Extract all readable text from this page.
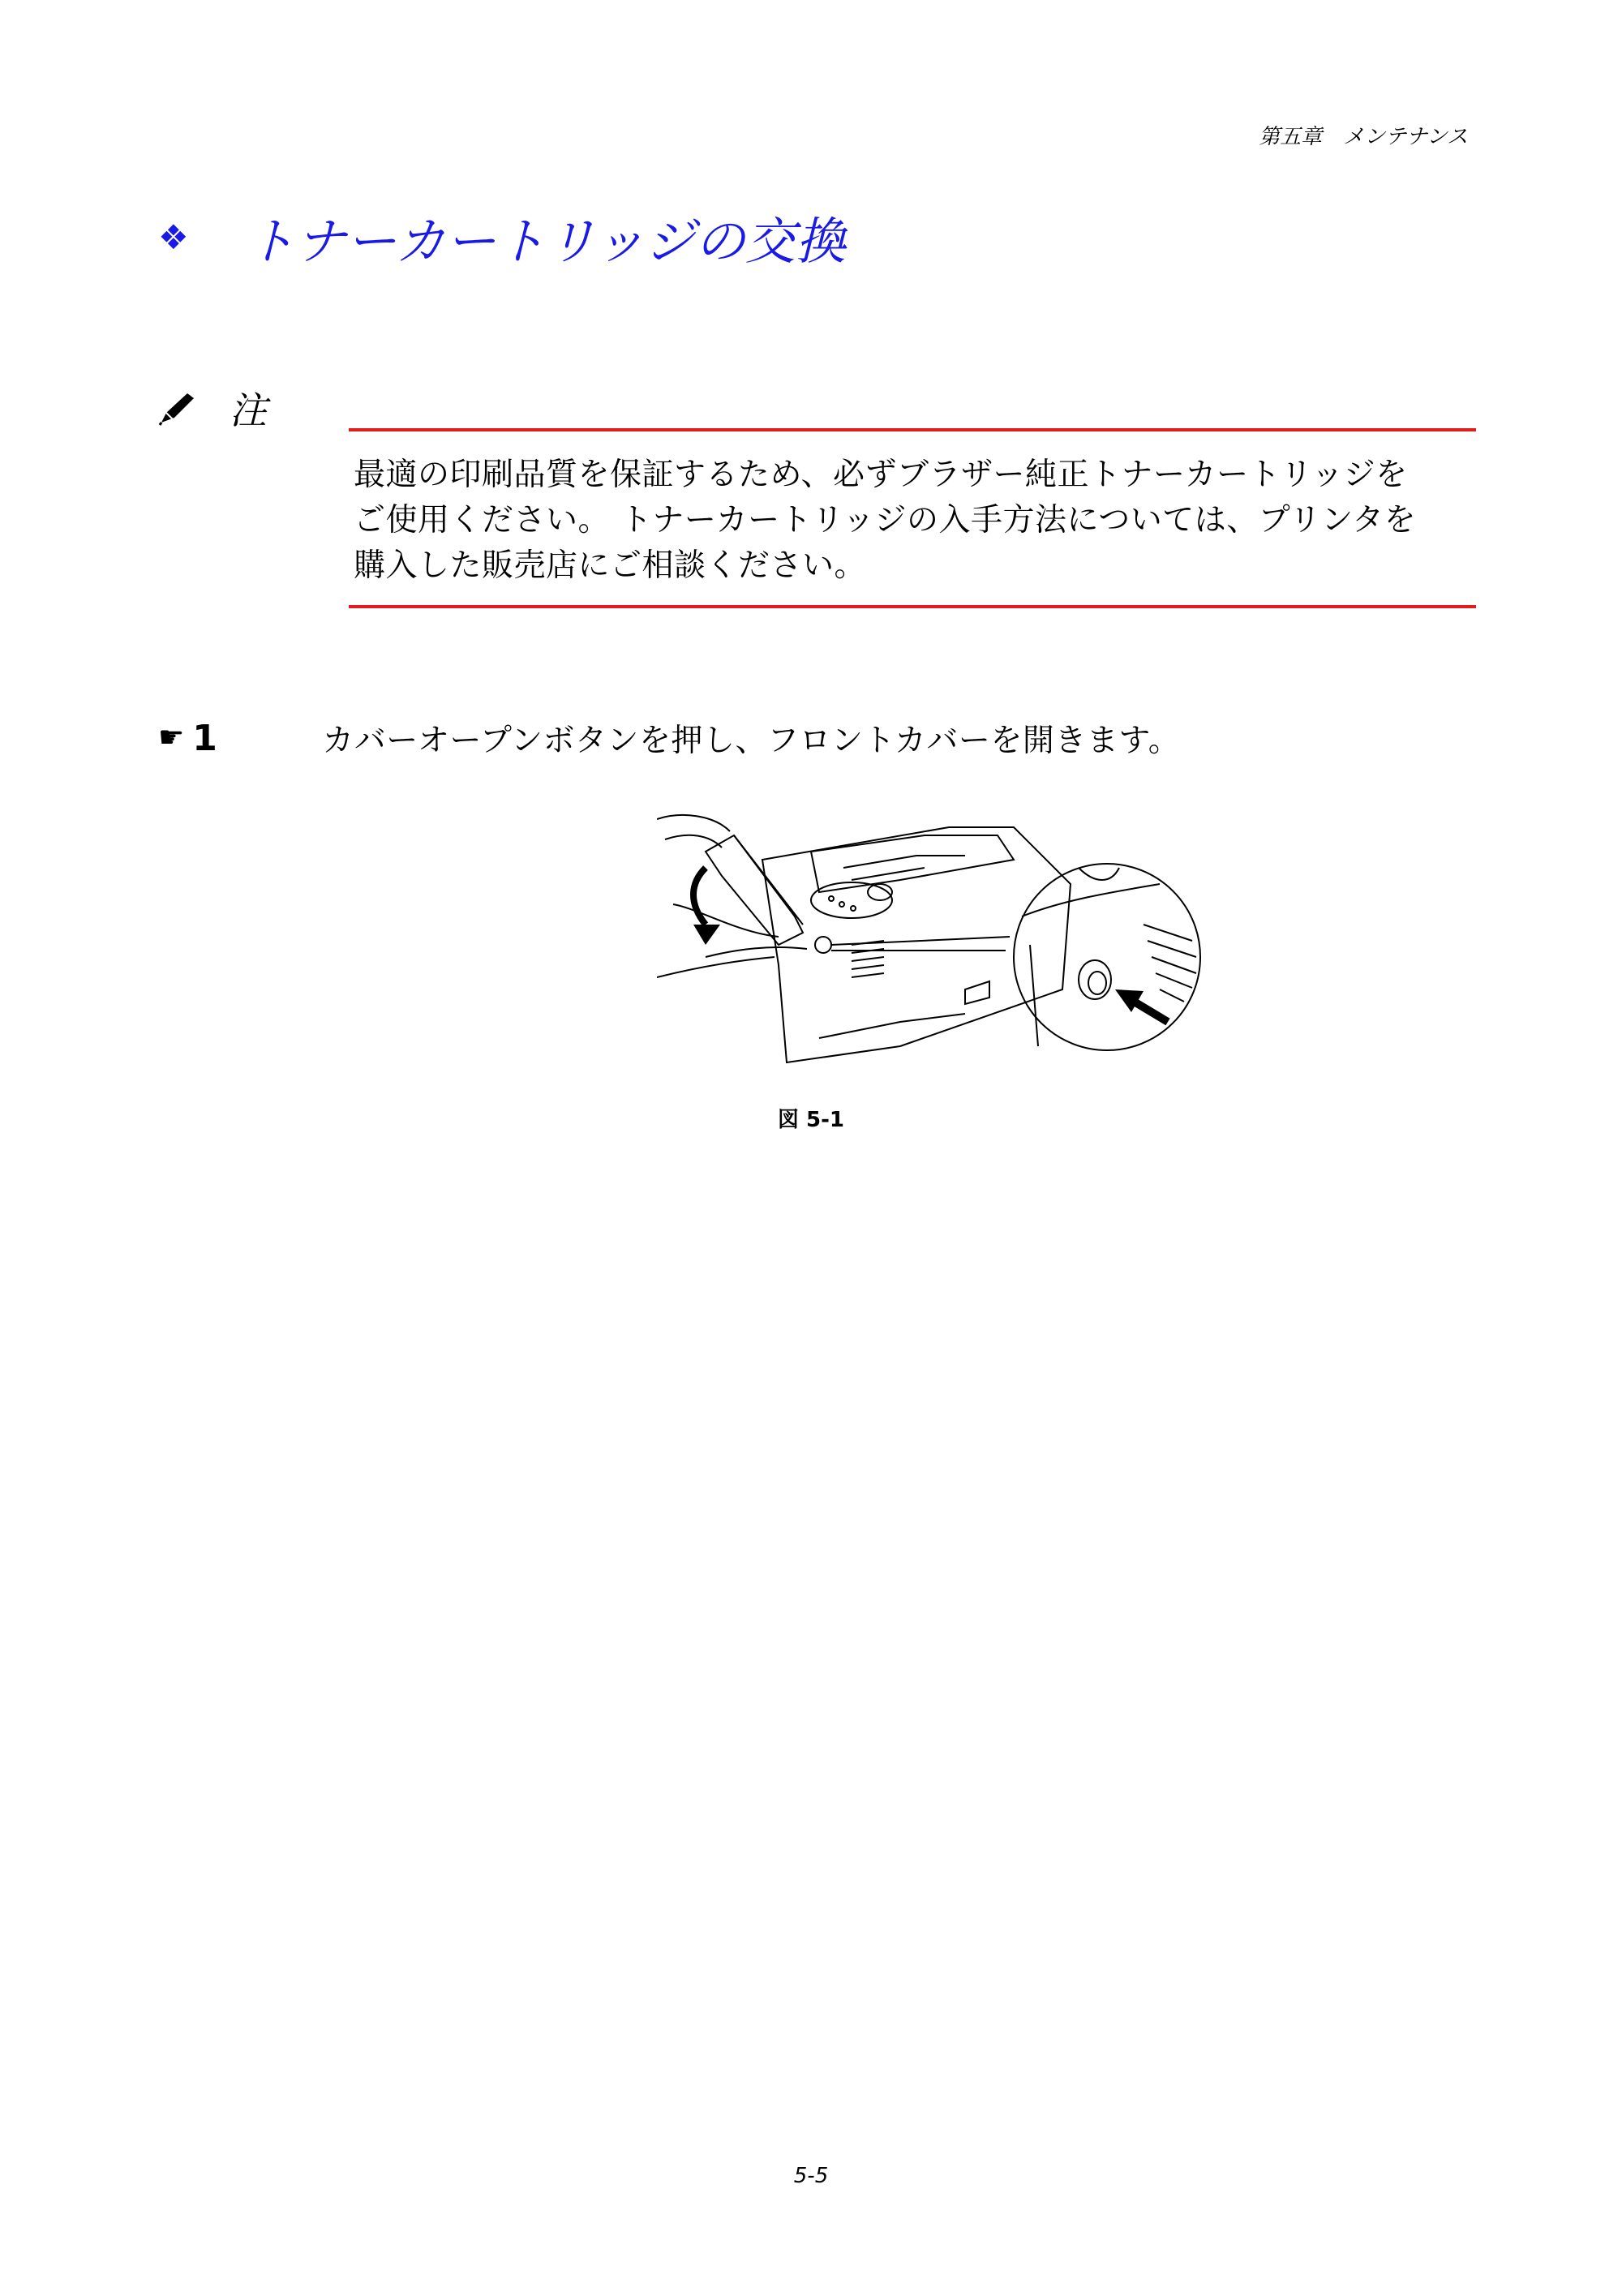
第五章　メンテナンス
❖ トナーカートリッジの交換
注

最適の印刷品質を保証するため、必ずブラザー純正トナーカートリッジを

ご使用ください。 トナーカートリッジの入手方法については、プリンタを

購入した販売店にご相談ください。

☛ 1	カバーオープンボタンを押し、フロントカバーを開きます。
図 5-1
5-5
